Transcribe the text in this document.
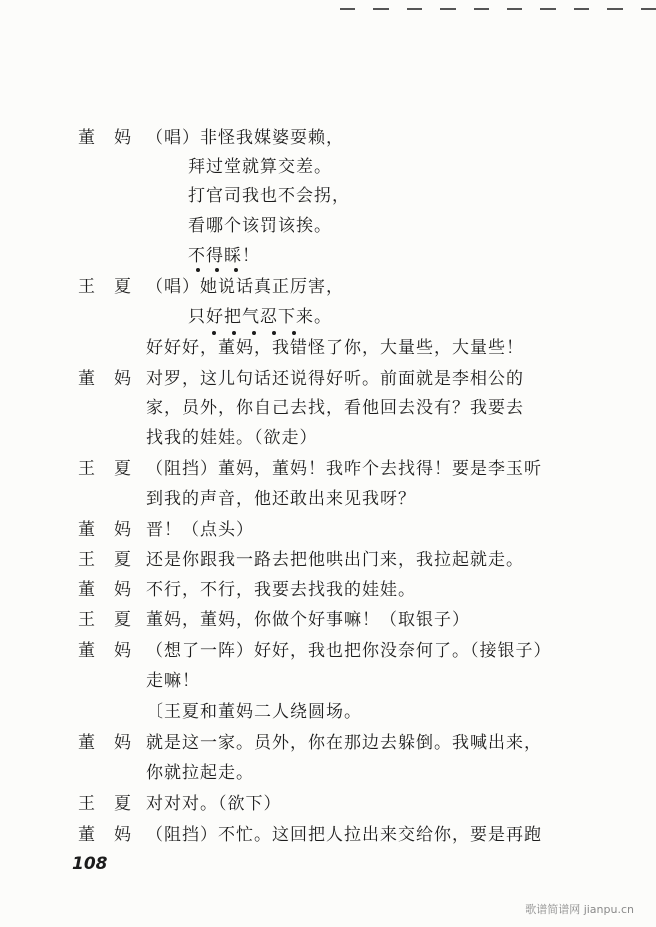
董　妈 （唱）非怪我媒婆耍赖，
拜过堂就算交差。
打官司我也不会拐，
看哪个该罚该挨。
不得睬！
王　夏 （唱）她说话真正厉害，
只好把气忍下来。
好好好，董妈，我错怪了你，大量些，大量些！
董　妈 对罗，这儿句话还说得好听。前面就是李相公的
家，员外，你自己去找，看他回去没有？我要去
找我的娃娃。（欲走）
王　夏 （阻挡）董妈，董妈！我咋个去找得！要是李玉听
到我的声音，他还敢出来见我呀？
董　妈 晋！（点头）
王　夏 还是你跟我一路去把他哄出门来，我拉起就走。
董　妈 不行，不行，我要去找我的娃娃。
王　夏 董妈，董妈，你做个好事嘛！（取银子）
董　妈 （想了一阵）好好，我也把你没奈何了。（接银子）
走嘛！
〔王夏和董妈二人绕圆场。
董　妈 就是这一家。员外，你在那边去躲倒。我喊出来，
你就拉起走。
王　夏 对对对。（欲下）
董　妈 （阻挡）不忙。这回把人拉出来交给你，要是再跑
108
歌谱简谱网 jianpu.cn
